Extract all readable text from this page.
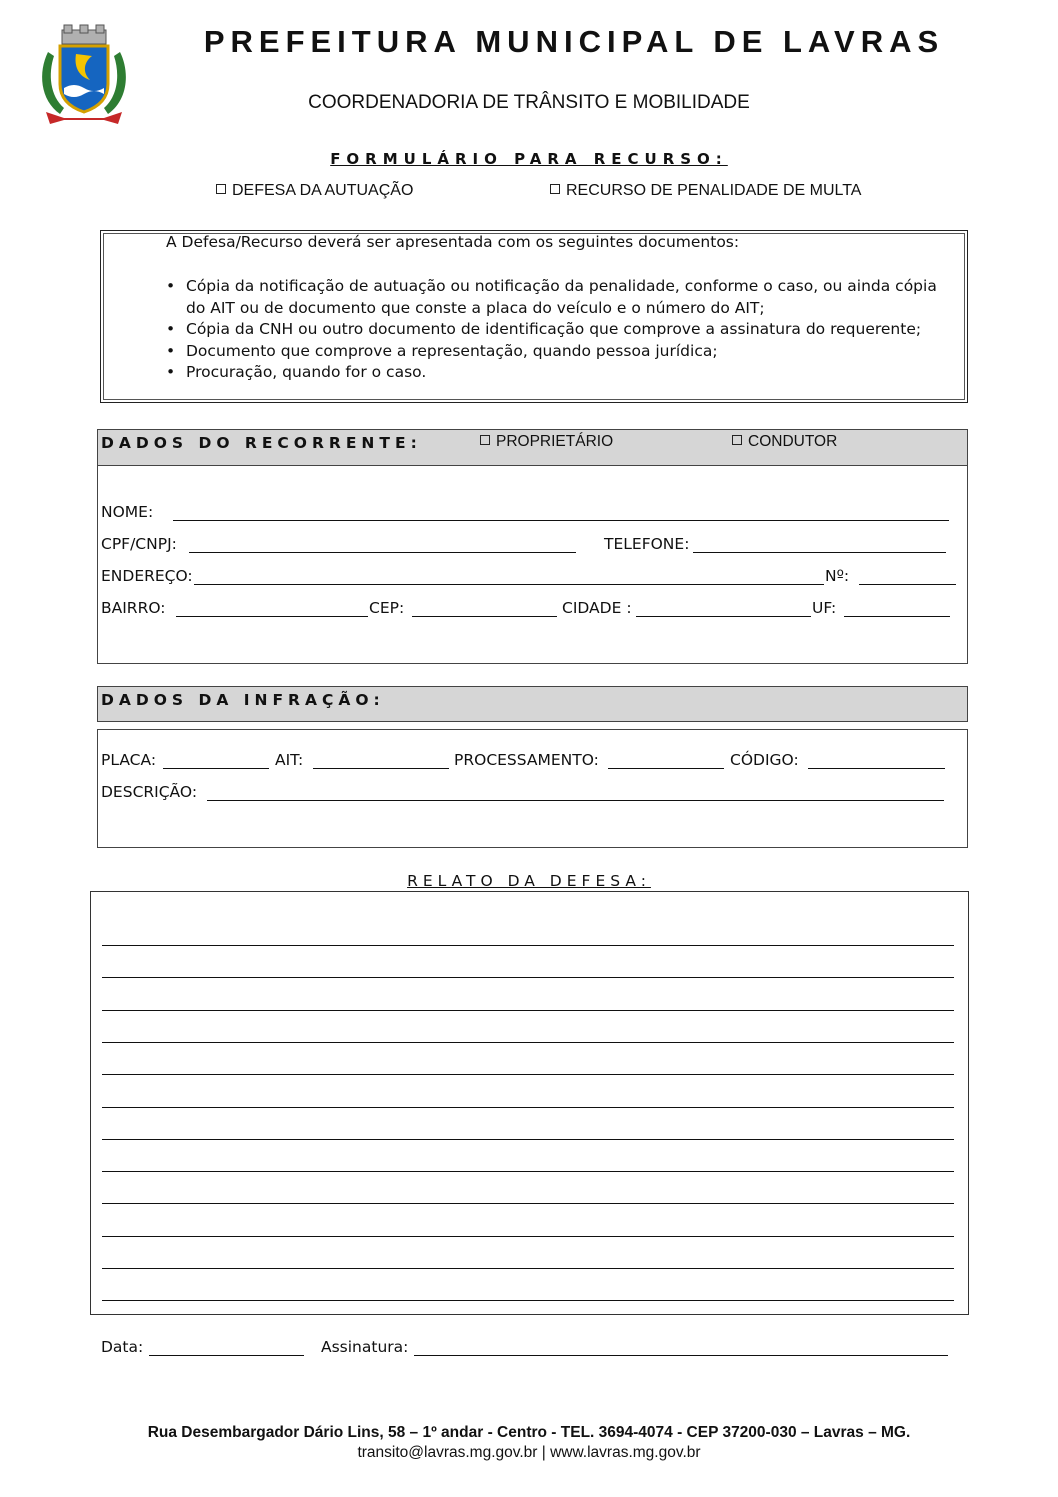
PREFEITURA MUNICIPAL DE LAVRAS
COORDENADORIA DE TRÂNSITO E MOBILIDADE
FORMULÁRIO PARA RECURSO:
DEFESA DA AUTUAÇÃO	RECURSO DE PENALIDADE DE MULTA
A Defesa/Recurso deverá ser apresentada com os seguintes documentos:
• Cópia da notificação de autuação ou notificação da penalidade, conforme o caso, ou ainda cópia do AIT ou de documento que conste a placa do veículo e o número do AIT;
• Cópia da CNH ou outro documento de identificação que comprove a assinatura do requerente;
• Documento que comprove a representação, quando pessoa jurídica;
• Procuração, quando for o caso.
DADOS DO RECORRENTE:	PROPRIETÁRIO	CONDUTOR
NOME:
CPF/CNPJ:	TELEFONE:
ENDEREÇO:	Nº:
BAIRRO:	CEP:	CIDADE :	UF:
DADOS DA INFRAÇÃO:
PLACA:	AIT:	PROCESSAMENTO:	CÓDIGO:
DESCRIÇÃO:
RELATO DA DEFESA:
Data:	Assinatura:
Rua Desembargador Dário Lins, 58 – 1º andar - Centro - TEL. 3694-4074 - CEP 37200-030 – Lavras – MG.
transito@lavras.mg.gov.br | www.lavras.mg.gov.br
